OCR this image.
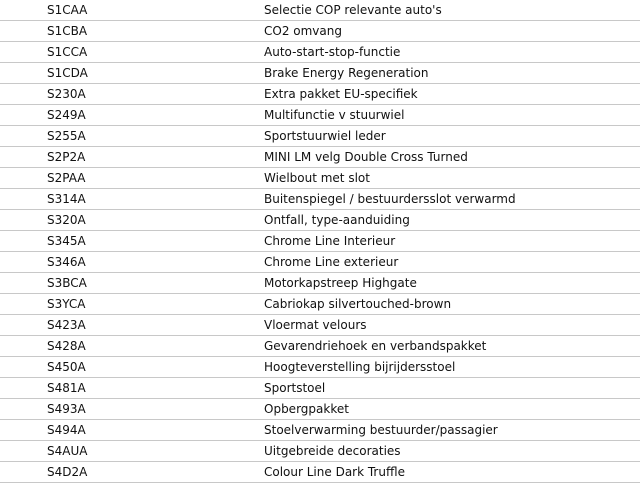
S1CAA	Selectie COP relevante auto's
S1CBA	CO2 omvang
S1CCA	Auto-start-stop-functie
S1CDA	Brake Energy Regeneration
S230A	Extra pakket EU-specifiek
S249A	Multifunctie v stuurwiel
S255A	Sportstuurwiel leder
S2P2A	MINI LM velg Double Cross Turned
S2PAA	Wielbout met slot
S314A	Buitenspiegel / bestuurdersslot verwarmd
S320A	Ontfall, type-aanduiding
S345A	Chrome Line Interieur
S346A	Chrome Line exterieur
S3BCA	Motorkapstreep Highgate
S3YCA	Cabriokap silvertouched-brown
S423A	Vloermat velours
S428A	Gevarendriehoek en verbandspakket
S450A	Hoogteverstelling bijrijdersstoel
S481A	Sportstoel
S493A	Opbergpakket
S494A	Stoelverwarming bestuurder/passagier
S4AUA	Uitgebreide decoraties
S4D2A	Colour Line Dark Truffle
